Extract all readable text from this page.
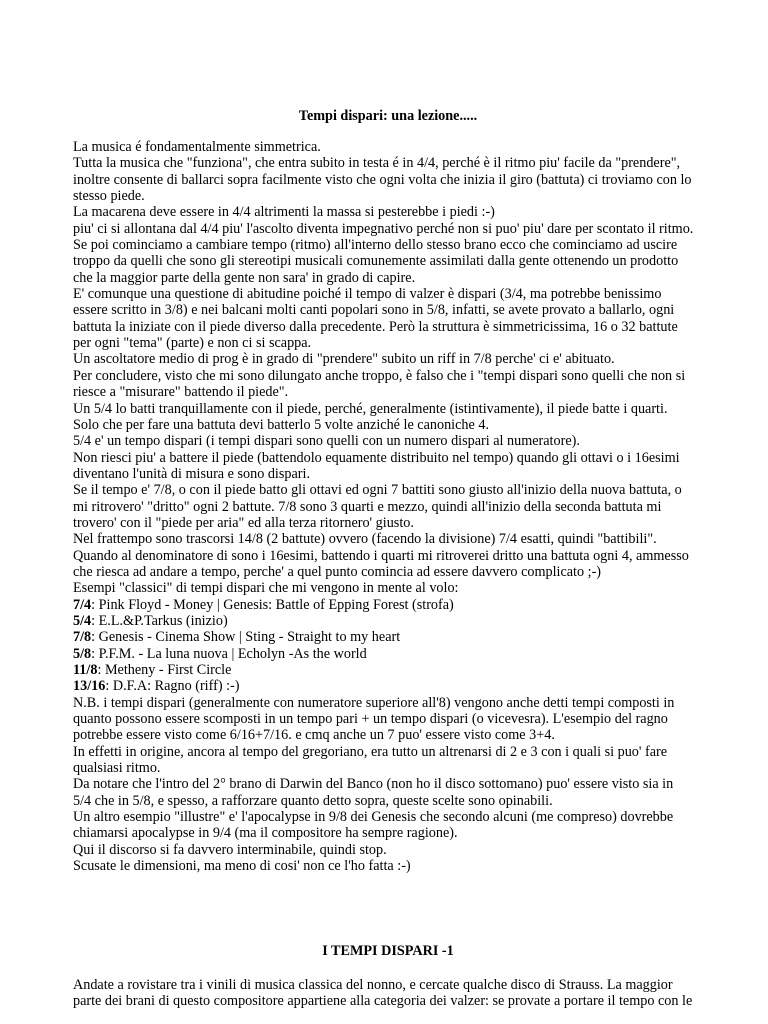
Tempi dispari: una lezione.....
La musica é fondamentalmente simmetrica.
Tutta la musica che "funziona", che entra subito in testa é in 4/4, perché è il ritmo piu' facile da "prendere",
inoltre consente di ballarci sopra facilmente visto che ogni volta che inizia il giro (battuta) ci troviamo con lo
stesso piede.
La macarena deve essere in 4/4 altrimenti la massa si pesterebbe i piedi :-)
piu' ci si allontana dal 4/4 piu' l'ascolto diventa impegnativo perché non si puo' piu' dare per scontato il ritmo.
Se poi cominciamo a cambiare tempo (ritmo) all'interno dello stesso brano ecco che cominciamo ad uscire
troppo da quelli che sono gli stereotipi musicali comunemente assimilati dalla gente ottenendo un prodotto
che la maggior parte della gente non sara' in grado di capire.
E' comunque una questione di abitudine poiché il tempo di valzer è dispari (3/4, ma potrebbe benissimo
essere scritto in 3/8) e nei balcani molti canti popolari sono in 5/8, infatti, se avete provato a ballarlo, ogni
battuta la iniziate con il piede diverso dalla precedente. Però la struttura è simmetricissima, 16 o 32 battute
per ogni "tema" (parte) e non ci si scappa.
Un ascoltatore medio di prog è in grado di "prendere" subito un riff in 7/8 perche' ci e' abituato.
Per concludere, visto che mi sono dilungato anche troppo, è falso che i "tempi dispari sono quelli che non si
riesce a "misurare" battendo il piede".
Un 5/4 lo batti tranquillamente con il piede, perché, generalmente (istintivamente), il piede batte i quarti.
Solo che per fare una battuta devi batterlo 5 volte anziché le canoniche 4.
5/4 e' un tempo dispari (i tempi dispari sono quelli con un numero dispari al numeratore).
Non riesci piu' a battere il piede (battendolo equamente distribuito nel tempo) quando gli ottavi o i 16esimi
diventano l'unità di misura e sono dispari.
Se il tempo e' 7/8, o con il piede batto gli ottavi ed ogni 7 battiti sono giusto all'inizio della nuova battuta, o
mi ritrovero' "dritto" ogni 2 battute. 7/8 sono 3 quarti e mezzo, quindi all'inizio della seconda battuta mi
trovero' con il "piede per aria" ed alla terza ritornero' giusto.
Nel frattempo sono trascorsi 14/8 (2 battute) ovvero (facendo la divisione) 7/4 esatti, quindi "battibili".
Quando al denominatore di sono i 16esimi, battendo i quarti mi ritroverei dritto una battuta ogni 4, ammesso
che riesca ad andare a tempo, perche' a quel punto comincia ad essere davvero complicato ;-)
Esempi "classici" di tempi dispari che mi vengono in mente al volo:
7/4: Pink Floyd - Money | Genesis: Battle of Epping Forest (strofa)
5/4: E.L.&P.Tarkus (inizio)
7/8: Genesis - Cinema Show | Sting - Straight to my heart
5/8: P.F.M. - La luna nuova | Echolyn -As the world
11/8: Metheny - First Circle
13/16: D.F.A: Ragno (riff) :-)
N.B. i tempi dispari (generalmente con numeratore superiore all'8) vengono anche detti tempi composti in
quanto possono essere scomposti in un tempo pari + un tempo dispari (o vicevesra). L'esempio del ragno
potrebbe essere visto come 6/16+7/16. e cmq anche un 7 puo' essere visto come 3+4.
In effetti in origine, ancora al tempo del gregoriano, era tutto un altrenarsi di 2 e 3 con i quali si puo' fare
qualsiasi ritmo.
Da notare che l'intro del 2° brano di Darwin del Banco (non ho il disco sottomano) puo' essere visto sia in
5/4 che in 5/8, e spesso, a rafforzare quanto detto sopra, queste scelte sono opinabili.
Un altro esempio "illustre" e' l'apocalypse in 9/8 dei Genesis che secondo alcuni (me compreso) dovrebbe
chiamarsi apocalypse in 9/4 (ma il compositore ha sempre ragione).
Qui il discorso si fa davvero interminabile, quindi stop.
Scusate le dimensioni, ma meno di cosi' non ce l'ho fatta :-)
I TEMPI DISPARI -1
Andate a rovistare tra i vinili di musica classica del nonno, e cercate qualche disco di Strauss. La maggior
parte dei brani di questo compositore appartiene alla categoria dei valzer: se provate a portare il tempo con le
